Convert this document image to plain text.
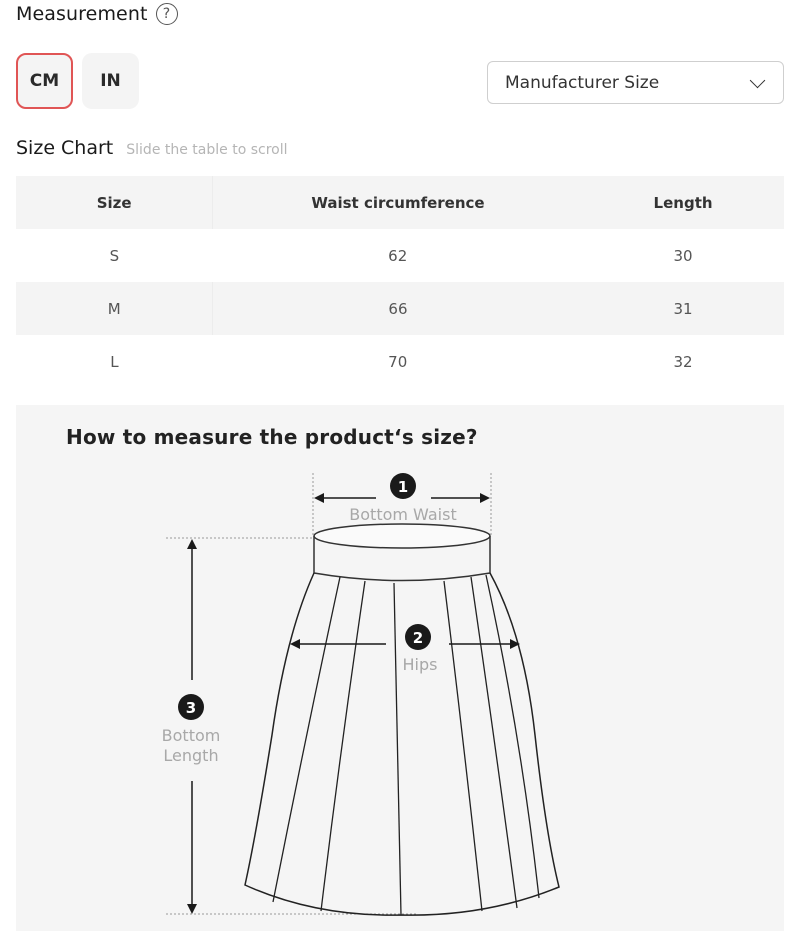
Measurement	?
CM	IN	Manufacturer Size
Size Chart Slide the table to scroll
Size	Waist circumference	Length
S	62	30
M	66	31
L	70	32
How to measure the product‘s size?
1
Bottom Waist
3
Bottom
Length
2
Hips
